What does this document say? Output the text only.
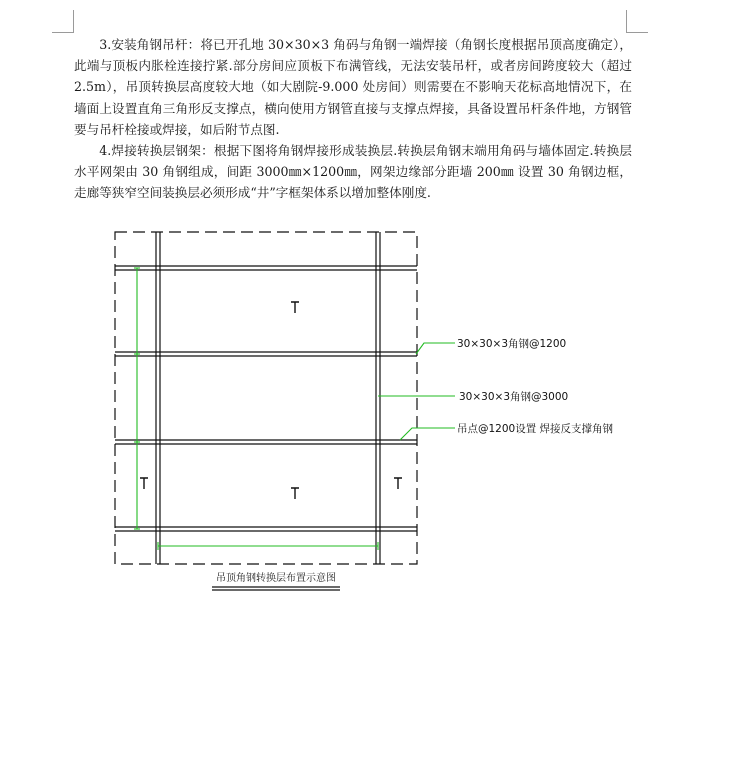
3.安装角钢吊杆：将已开孔地 30×30×3 角码与角钢一端焊接（角钢长度根据吊顶高度确定），此端与顶板内胀栓连接拧紧.部分房间应顶板下布满管线，无法安装吊杆，或者房间跨度较大（超过 2.5m），吊顶转换层高度较大地（如大剧院-9.000 处房间）则需要在不影响天花标高地情况下，在墙面上设置直角三角形反支撑点，横向使用方钢管直接与支撑点焊接，具备设置吊杆条件地，方钢管要与吊杆栓接或焊接，如后附节点图.

4.焊接转换层钢架：根据下图将角钢焊接形成装换层.转换层角钢末端用角码与墙体固定.转换层水平网架由 30 角钢组成，间距 3000㎜×1200㎜，网架边缘部分距墙 200㎜ 设置 30 角钢边框，走廊等狭窄空间装换层必须形成“井”字框架体系以增加整体刚度.

30×30×3角钢@1200
30×30×3角钢@3000
吊点@1200设置 焊接反支撑角钢
吊顶角钢转换层布置示意图
